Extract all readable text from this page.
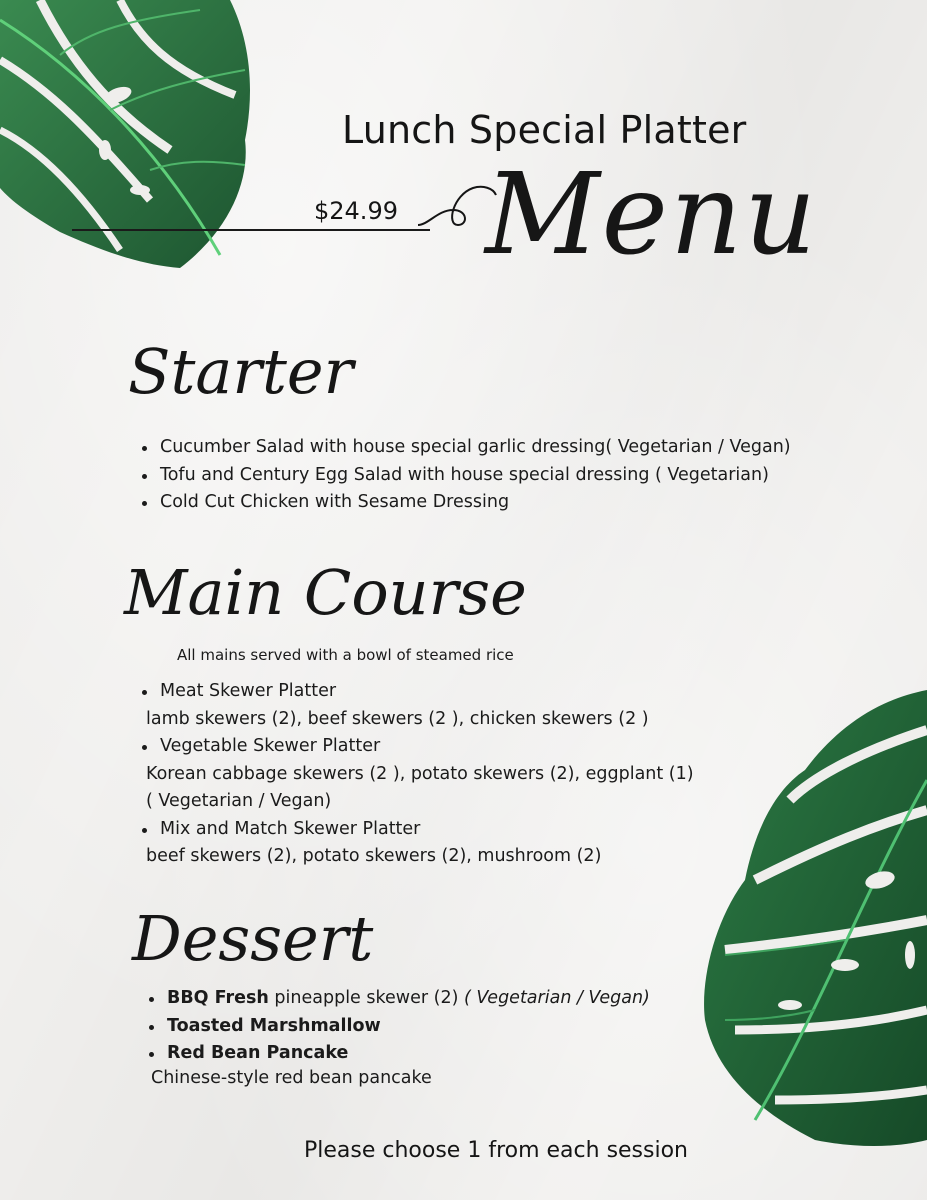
Lunch Special Platter
$24.99 Menu
Starter
Cucumber Salad with house special garlic dressing( Vegetarian / Vegan)
Tofu and Century Egg Salad with house special dressing ( Vegetarian)
Cold Cut Chicken with Sesame Dressing
Main Course
All mains served with a bowl of steamed rice
Meat Skewer Platter
lamb skewers (2), beef skewers (2 ), chicken skewers (2 )
Vegetable Skewer Platter
Korean cabbage skewers (2 ), potato skewers (2), eggplant (1)
( Vegetarian / Vegan)
Mix and Match Skewer Platter
beef skewers (2), potato skewers (2), mushroom (2)
Dessert
BBQ Fresh pineapple skewer (2) ( Vegetarian / Vegan)
Toasted Marshmallow
Red Bean Pancake
Chinese-style red bean pancake
Please choose 1 from each session
